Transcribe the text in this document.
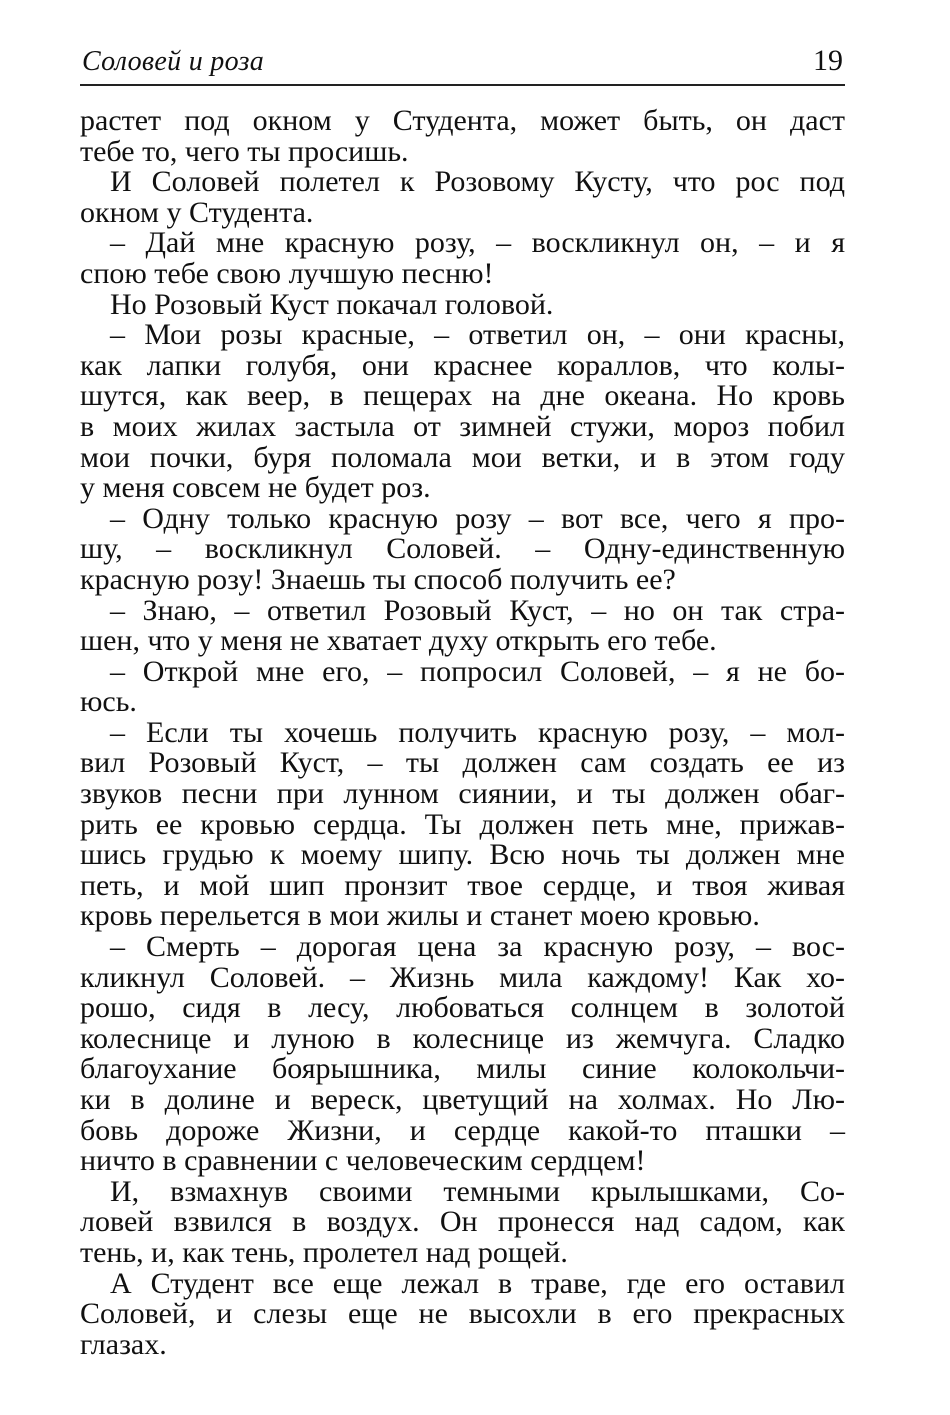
Соловей и роза	19
растет под окном у Студента, может быть, он даст
тебе то, чего ты просишь.
И Соловей полетел к Розовому Кусту, что рос под
окном у Студента.
– Дай мне красную розу, – воскликнул он, – и я
спою тебе свою лучшую песню!
Но Розовый Куст покачал головой.
– Мои розы красные, – ответил он, – они красны,
как лапки голубя, они краснее кораллов, что колы-
шутся, как веер, в пещерах на дне океана. Но кровь
в моих жилах застыла от зимней стужи, мороз побил
мои почки, буря поломала мои ветки, и в этом году
у меня совсем не будет роз.
– Одну только красную розу – вот все, чего я про-
шу, – воскликнул Соловей. – Одну-единственную
красную розу! Знаешь ты способ получить ее?
– Знаю, – ответил Розовый Куст, – но он так стра-
шен, что у меня не хватает духу открыть его тебе.
– Открой мне его, – попросил Соловей, – я не бо-
юсь.
– Если ты хочешь получить красную розу, – мол-
вил Розовый Куст, – ты должен сам создать ее из
звуков песни при лунном сиянии, и ты должен обаг-
рить ее кровью сердца. Ты должен петь мне, прижав-
шись грудью к моему шипу. Всю ночь ты должен мне
петь, и мой шип пронзит твое сердце, и твоя живая
кровь перельется в мои жилы и станет моею кровью.
– Смерть – дорогая цена за красную розу, – вос-
кликнул Соловей. – Жизнь мила каждому! Как хо-
рошо, сидя в лесу, любоваться солнцем в золотой
колеснице и луною в колеснице из жемчуга. Сладко
благоухание боярышника, милы синие колокольчи-
ки в долине и вереск, цветущий на холмах. Но Лю-
бовь дороже Жизни, и сердце какой-то пташки –
ничто в сравнении с человеческим сердцем!
И, взмахнув своими темными крылышками, Со-
ловей взвился в воздух. Он пронесся над садом, как
тень, и, как тень, пролетел над рощей.
А Студент все еще лежал в траве, где его оставил
Соловей, и слезы еще не высохли в его прекрасных
глазах.
